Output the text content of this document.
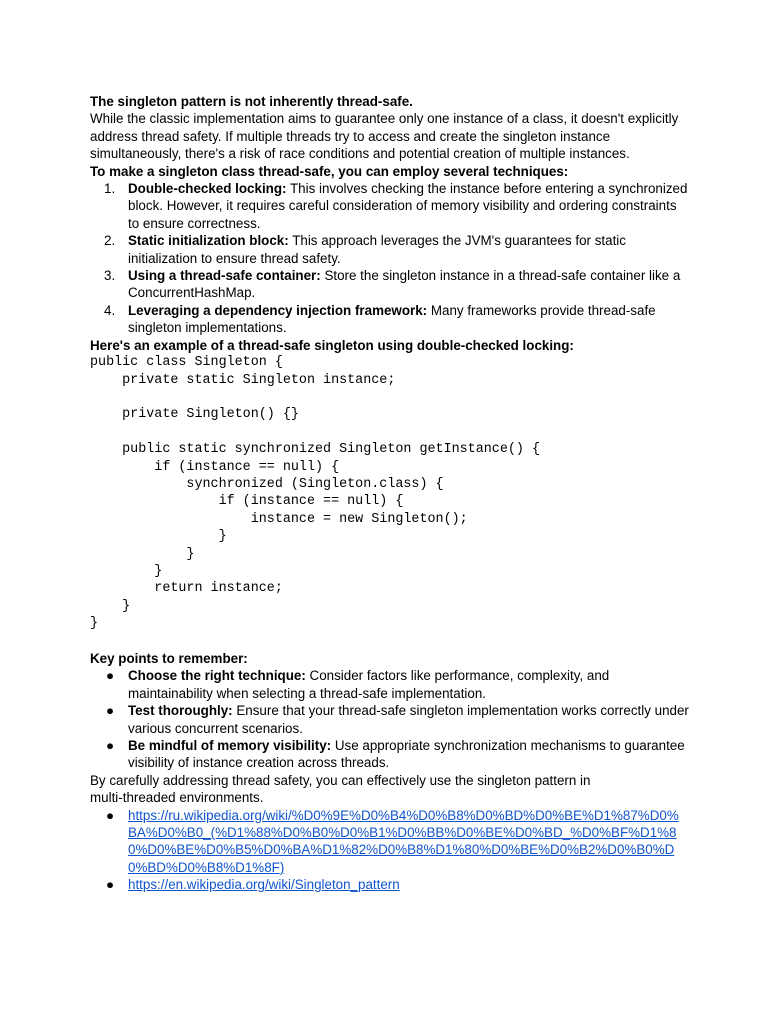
The singleton pattern is not inherently thread-safe.

While the classic implementation aims to guarantee only one instance of a class, it doesn't explicitly address thread safety. If multiple threads try to access and create the singleton instance simultaneously, there's a risk of race conditions and potential creation of multiple instances.

To make a singleton class thread-safe, you can employ several techniques:

1. Double-checked locking: This involves checking the instance before entering a synchronized block. However, it requires careful consideration of memory visibility and ordering constraints to ensure correctness.
2. Static initialization block: This approach leverages the JVM's guarantees for static initialization to ensure thread safety.
3. Using a thread-safe container: Store the singleton instance in a thread-safe container like a ConcurrentHashMap.
4. Leveraging a dependency injection framework: Many frameworks provide thread-safe singleton implementations.

Here's an example of a thread-safe singleton using double-checked locking:

public class Singleton {
private static Singleton instance;

private Singleton() {}

public static synchronized Singleton getInstance() {
if (instance == null) {
synchronized (Singleton.class) {
if (instance == null) {
instance = new Singleton();
}
}
}
return instance;
}
}

Key points to remember:

● Choose the right technique: Consider factors like performance, complexity, and maintainability when selecting a thread-safe implementation.
● Test thoroughly: Ensure that your thread-safe singleton implementation works correctly under various concurrent scenarios.
● Be mindful of memory visibility: Use appropriate synchronization mechanisms to guarantee visibility of instance creation across threads.

By carefully addressing thread safety, you can effectively use the singleton pattern in

multi-threaded environments.

● https://ru.wikipedia.org/wiki/%D0%9E%D0%B4%D0%B8%D0%BD%D0%BE%D1%87%D0%BA%D0%B0_(%D1%88%D0%B0%D0%B1%D0%BB%D0%BE%D0%BD_%D0%BF%D1%80%D0%BE%D0%B5%D0%BA%D1%82%D0%B8%D1%80%D0%BE%D0%B2%D0%B0%D0%BD%D0%B8%D1%8F)
● https://en.wikipedia.org/wiki/Singleton_pattern
